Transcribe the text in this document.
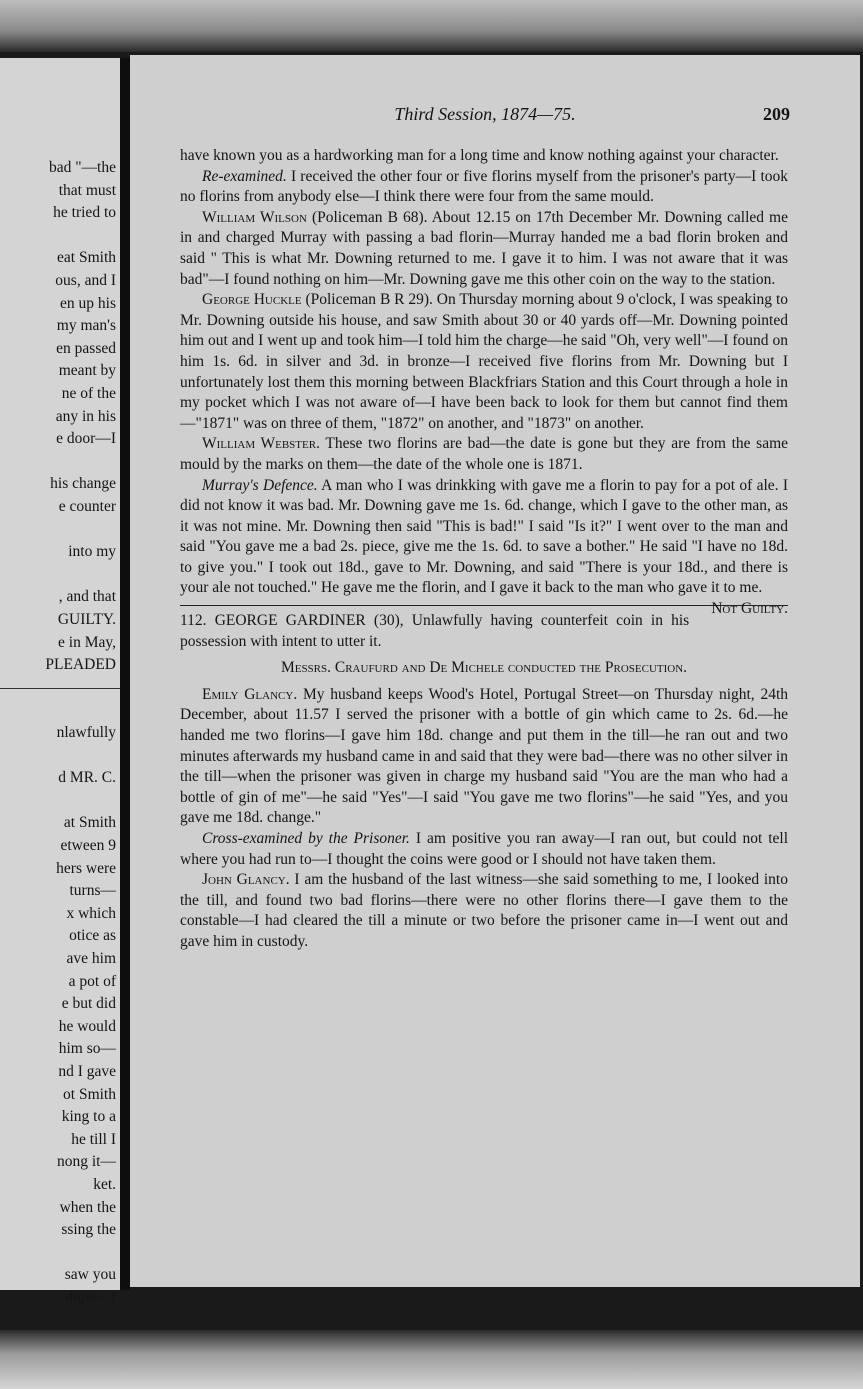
bad "—the
that must
he tried to
eat Smith
ous, and I
en up his
my man's
en passed
meant by
ne of the
any in his
e door—I
his change
e counter
into my
, and that
GUILTY.
e in May,
PLEADED
nlawfully
d MR. C.
at Smith
etween 9
hers were
turns—
x which
otice as
ave him
a pot of
e but did
he would
him so—
nd I gave
ot Smith
king to a
he till I
nong it—
ket.
when the
ssing the
saw you
dupe—I
Third Session, 1874—75.	209

have known you as a hardworking man for a long time and know nothing against your character.

Re-examined. I received the other four or five florins myself from the prisoner's party—I took no florins from anybody else—I think there were four from the same mould.

William Wilson (Policeman B 68). About 12.15 on 17th December Mr. Downing called me in and charged Murray with passing a bad florin—Murray handed me a bad florin broken and said " This is what Mr. Downing returned to me. I gave it to him. I was not aware that it was bad"—I found nothing on him—Mr. Downing gave me this other coin on the way to the station.

George Huckle (Policeman B R 29). On Thursday morning about 9 o'clock, I was speaking to Mr. Downing outside his house, and saw Smith about 30 or 40 yards off—Mr. Downing pointed him out and I went up and took him—I told him the charge—he said "Oh, very well"—I found on him 1s. 6d. in silver and 3d. in bronze—I received five florins from Mr. Downing but I unfortunately lost them this morning between Blackfriars Station and this Court through a hole in my pocket which I was not aware of—I have been back to look for them but cannot find them—"1871" was on three of them, "1872" on another, and "1873" on another.

William Webster. These two florins are bad—the date is gone but they are from the same mould by the marks on them—the date of the whole one is 1871.

Murray's Defence. A man who I was drinkking with gave me a florin to pay for a pot of ale. I did not know it was bad. Mr. Downing gave me 1s. 6d. change, which I gave to the other man, as it was not mine. Mr. Downing then said "This is bad!" I said "Is it?" I went over to the man and said "You gave me a bad 2s. piece, give me the 1s. 6d. to save a bother." He said "I have no 18d. to give you." I took out 18d., gave to Mr. Downing, and said "There is your 18d., and there is your ale not touched." He gave me the florin, and I gave it back to the man who gave it to me.
Not Guilty.

112. GEORGE GARDINER (30), Unlawfully having counterfeit coin in his possession with intent to utter it.

Messrs. Craufurd and De Michele conducted the Prosecution.

Emily Glancy. My husband keeps Wood's Hotel, Portugal Street—on Thursday night, 24th December, about 11.57 I served the prisoner with a bottle of gin which came to 2s. 6d.—he handed me two florins—I gave him 18d. change and put them in the till—he ran out and two minutes afterwards my husband came in and said that they were bad—there was no other silver in the till—when the prisoner was given in charge my husband said "You are the man who had a bottle of gin of me"—he said "Yes"—I said "You gave me two florins"—he said "Yes, and you gave me 18d. change."

Cross-examined by the Prisoner. I am positive you ran away—I ran out, but could not tell where you had run to—I thought the coins were good or I should not have taken them.

John Glancy. I am the husband of the last witness—she said something to me, I looked into the till, and found two bad florins—there were no other florins there—I gave them to the constable—I had cleared the till a minute or two before the prisoner came in—I went out and gave him in custody.
